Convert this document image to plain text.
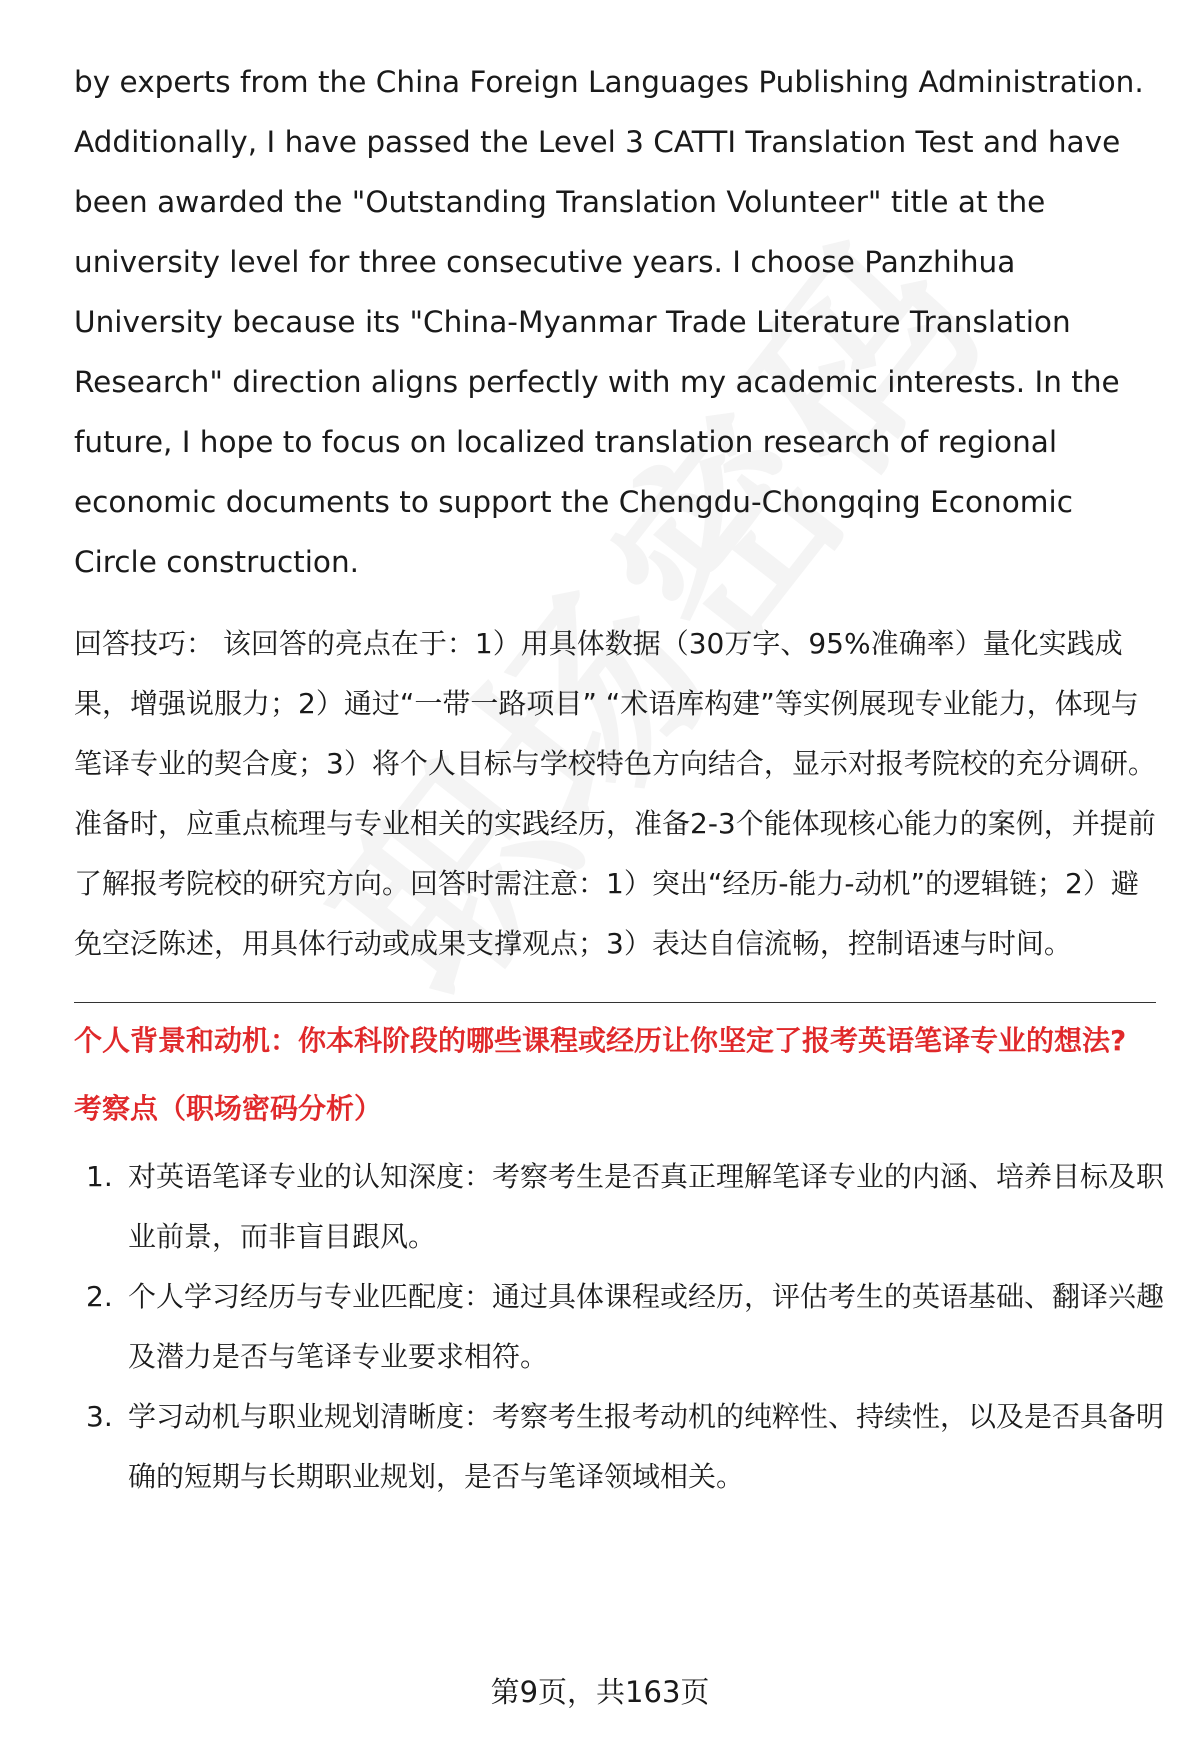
by experts from the China Foreign Languages Publishing Administration. Additionally, I have passed the Level 3 CATTI Translation Test and have been awarded the "Outstanding Translation Volunteer" title at the university level for three consecutive years. I choose Panzhihua University because its "China-Myanmar Trade Literature Translation Research" direction aligns perfectly with my academic interests. In the future, I hope to focus on localized translation research of regional economic documents to support the Chengdu-Chongqing Economic Circle construction.

回答技巧： 该回答的亮点在于：1）用具体数据（30万字、95%准确率）量化实践成果，增强说服力；2）通过“一带一路项目” “术语库构建”等实例展现专业能力，体现与笔译专业的契合度；3）将个人目标与学校特色方向结合，显示对报考院校的充分调研。

准备时，应重点梳理与专业相关的实践经历，准备2-3个能体现核心能力的案例，并提前了解报考院校的研究方向。回答时需注意：1）突出“经历-能力-动机”的逻辑链；2）避免空泛陈述，用具体行动或成果支撑观点；3）表达自信流畅，控制语速与时间。

个人背景和动机：你本科阶段的哪些课程或经历让你坚定了报考英语笔译专业的想法?

考察点（职场密码分析）

1. 对英语笔译专业的认知深度：考察考生是否真正理解笔译专业的内涵、培养目标及职业前景，而非盲目跟风。
2. 个人学习经历与专业匹配度：通过具体课程或经历，评估考生的英语基础、翻译兴趣及潜力是否与笔译专业要求相符。
3. 学习动机与职业规划清晰度：考察考生报考动机的纯粹性、持续性，以及是否具备明确的短期与长期职业规划，是否与笔译领域相关。
第9页，共163页
